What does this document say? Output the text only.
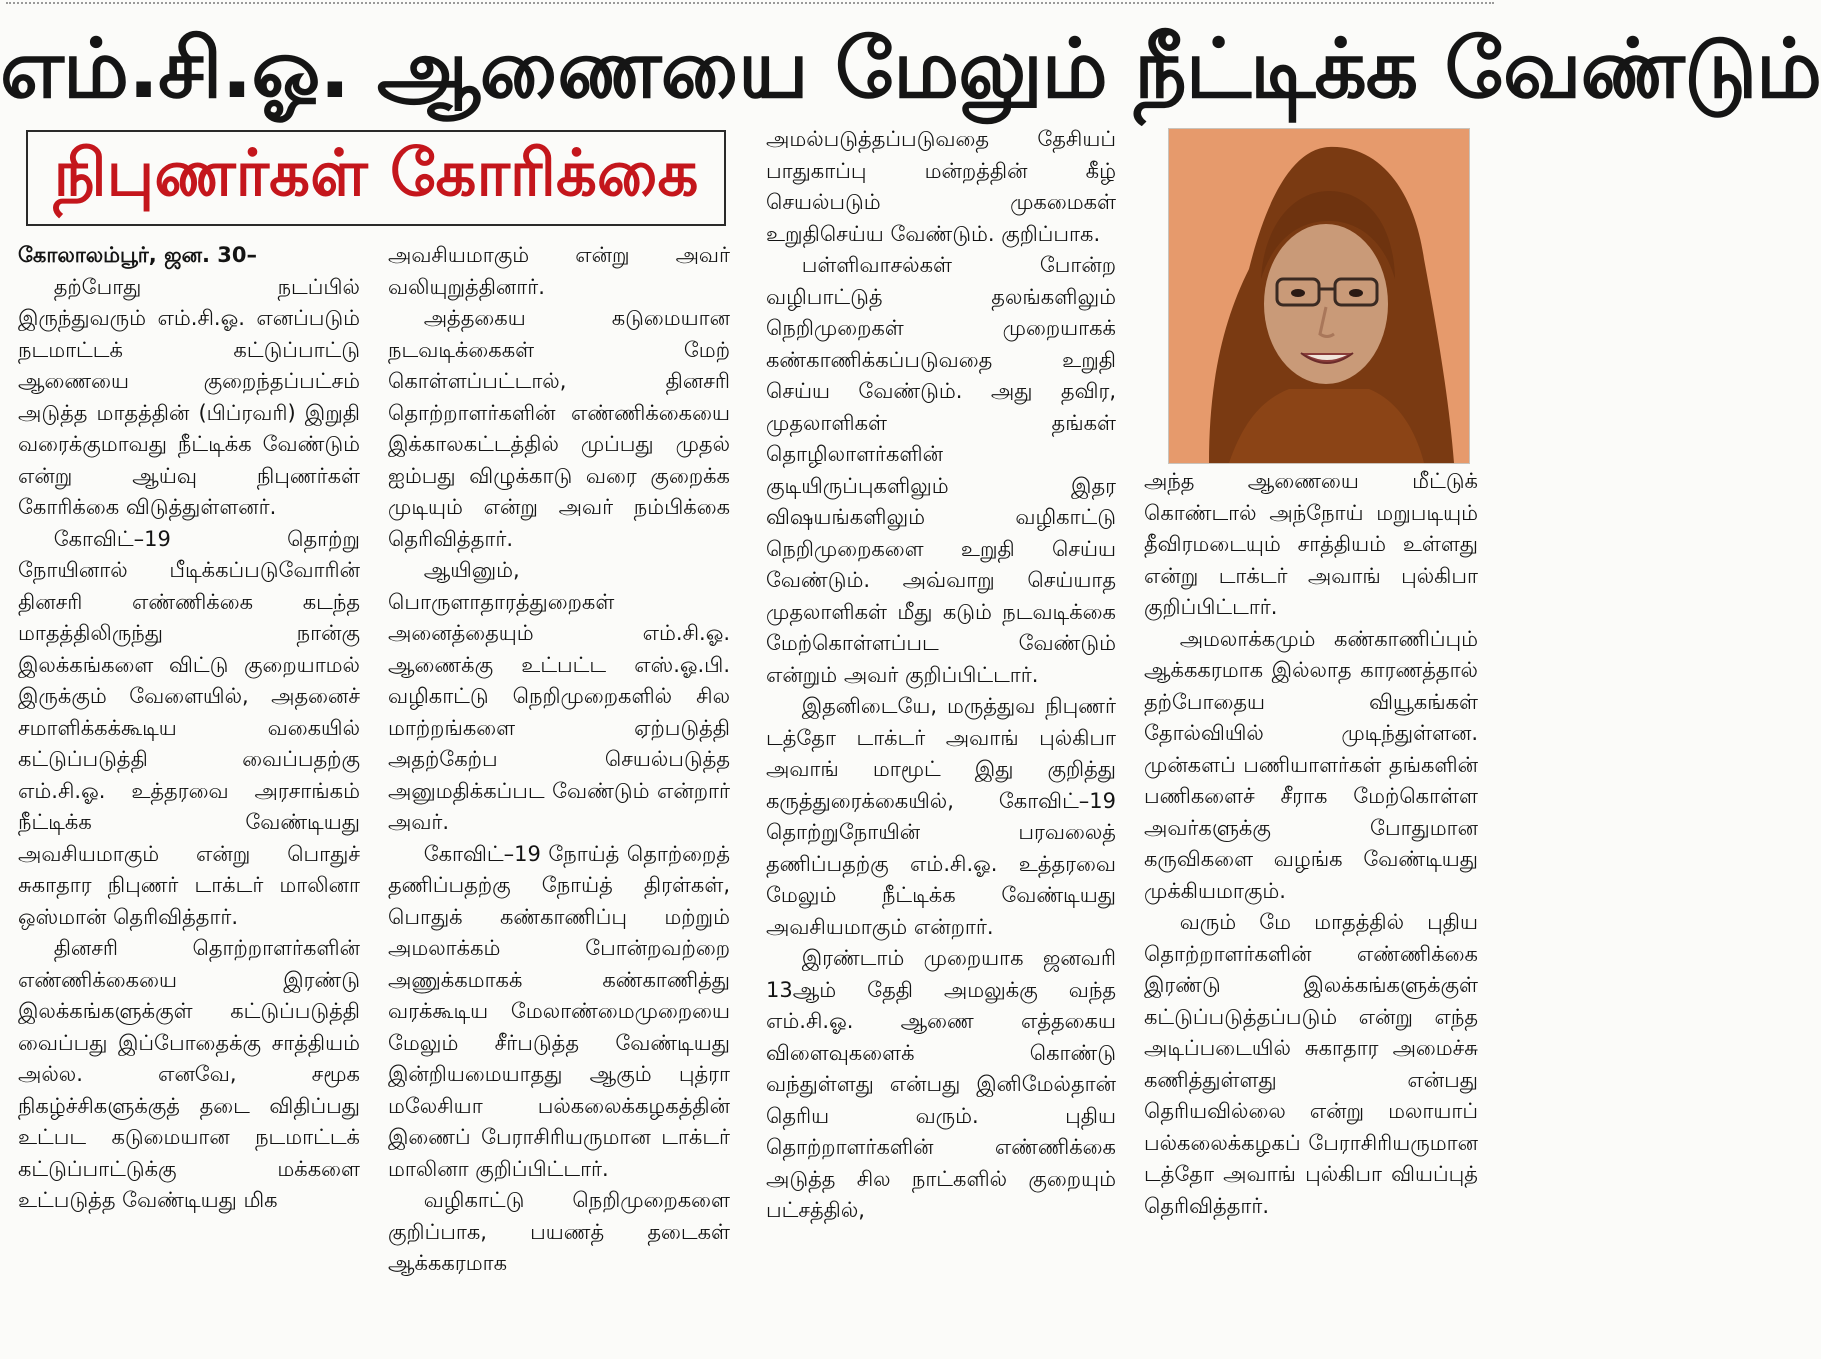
எம்.சி.ஓ. ஆணையை மேலும் நீட்டிக்க வேண்டும்
நிபுணர்கள் கோரிக்கை

கோலாலம்பூர், ஜன. 30–

தற்போது நடப்பில் இருந்துவரும் எம்.சி.ஓ. எனப்படும் நடமாட்டக் கட்டுப்பாட்டு ஆணையை குறைந்தப்பட்சம் அடுத்த மாதத்தின் (பிப்ரவரி) இறுதி வரைக்குமாவது நீட்டிக்க வேண்டும் என்று ஆய்வு நிபுணர்கள் கோரிக்கை விடுத்துள்ளனர்.

கோவிட்–19 தொற்று நோயினால் பீடிக்கப்படுவோரின் தினசரி எண்ணிக்கை கடந்த மாதத்திலிருந்து நான்கு இலக்கங்களை விட்டு குறையாமல் இருக்கும் வேளையில், அதனைச் சமாளிக்கக்கூடிய வகையில் கட்டுப்படுத்தி வைப்பதற்கு எம்.சி.ஓ. உத்தரவை அரசாங்கம் நீட்டிக்க வேண்டியது அவசியமாகும் என்று பொதுச் சுகாதார நிபுணர் டாக்டர் மாலினா ஒஸ்மான் தெரிவித்தார்.

தினசரி தொற்றாளர்களின் எண்ணிக்கையை இரண்டு இலக்கங்களுக்குள் கட்டுப்படுத்தி வைப்பது இப்போதைக்கு சாத்தியம் அல்ல. எனவே, சமூக நிகழ்ச்சிகளுக்குத் தடை விதிப்பது உட்பட கடுமையான நடமாட்டக் கட்டுப்பாட்டுக்கு மக்களை உட்படுத்த வேண்டியது மிக

அவசியமாகும் என்று அவர் வலியுறுத்தினார்.

அத்தகைய கடுமையான நடவடிக்கைகள் மேற் கொள்ளப்பட்டால், தினசரி தொற்றாளர்களின் எண்ணிக்கையை இக்காலகட்டத்தில் முப்பது முதல் ஐம்பது விழுக்காடு வரை குறைக்க முடியும் என்று அவர் நம்பிக்கை தெரிவித்தார்.

ஆயினும், பொருளாதாரத்துறைகள் அனைத்தையும் எம்.சி.ஓ. ஆணைக்கு உட்பட்ட எஸ்.ஓ.பி. வழிகாட்டு நெறிமுறைகளில் சில மாற்றங்களை ஏற்படுத்தி அதற்கேற்ப செயல்படுத்த அனுமதிக்கப்பட வேண்டும் என்றார் அவர்.

கோவிட்–19 நோய்த் தொற்றைத் தணிப்பதற்கு நோய்த் திரள்கள், பொதுக் கண்காணிப்பு மற்றும் அமலாக்கம் போன்றவற்றை அணுக்கமாகக் கண்காணித்து வரக்கூடிய மேலாண்மைமுறையை மேலும் சீர்படுத்த வேண்டியது இன்றியமையாதது ஆகும் புத்ரா மலேசியா பல்கலைக்கழகத்தின் இணைப் பேராசிரியருமான டாக்டர் மாலினா குறிப்பிட்டார்.

வழிகாட்டு நெறிமுறைகளை குறிப்பாக, பயணத் தடைகள் ஆக்ககரமாக

அமல்படுத்தப்படுவதை தேசியப் பாதுகாப்பு மன்றத்தின் கீழ் செயல்படும் முகமைகள் உறுதிசெய்ய வேண்டும். குறிப்பாக.

பள்ளிவாசல்கள் போன்ற வழிபாட்டுத் தலங்களிலும் நெறிமுறைகள் முறையாகக் கண்காணிக்கப்படுவதை உறுதி செய்ய வேண்டும். அது தவிர, முதலாளிகள் தங்கள் தொழிலாளர்களின் குடியிருப்புகளிலும் இதர விஷயங்களிலும் வழிகாட்டு நெறிமுறைகளை உறுதி செய்ய வேண்டும். அவ்வாறு செய்யாத முதலாளிகள் மீது கடும் நடவடிக்கை மேற்கொள்ளப்பட வேண்டும் என்றும் அவர் குறிப்பிட்டார்.

இதனிடையே, மருத்துவ நிபுணர் டத்தோ டாக்டர் அவாங் புல்கிபா அவாங் மாமூட் இது குறித்து கருத்துரைக்கையில், கோவிட்–19 தொற்றுநோயின் பரவலைத் தணிப்பதற்கு எம்.சி.ஓ. உத்தரவை மேலும் நீட்டிக்க வேண்டியது அவசியமாகும் என்றார்.

இரண்டாம் முறையாக ஜனவரி 13ஆம் தேதி அமலுக்கு வந்த எம்.சி.ஓ. ஆணை எத்தகைய விளைவுகளைக் கொண்டு வந்துள்ளது என்பது இனிமேல்தான் தெரிய வரும். புதிய தொற்றாளர்களின் எண்ணிக்கை அடுத்த சில நாட்களில் குறையும் பட்சத்தில்,

அந்த ஆணையை மீட்டுக் கொண்டால் அந்நோய் மறுபடியும் தீவிரமடையும் சாத்தியம் உள்ளது என்று டாக்டர் அவாங் புல்கிபா குறிப்பிட்டார்.

அமலாக்கமும் கண்காணிப்பும் ஆக்ககரமாக இல்லாத காரணத்தால் தற்போதைய வியூகங்கள் தோல்வியில் முடிந்துள்ளன. முன்களப் பணியாளர்கள் தங்களின் பணிகளைச் சீராக மேற்கொள்ள அவர்களுக்கு போதுமான கருவிகளை வழங்க வேண்டியது முக்கியமாகும்.

வரும் மே மாதத்தில் புதிய தொற்றாளர்களின் எண்ணிக்கை இரண்டு இலக்கங்களுக்குள் கட்டுப்படுத்தப்படும் என்று எந்த அடிப்படையில் சுகாதார அமைச்சு கணித்துள்ளது என்பது தெரியவில்லை என்று மலாயாப் பல்கலைக்கழகப் பேராசிரியருமான டத்தோ அவாங் புல்கிபா வியப்புத் தெரிவித்தார்.
